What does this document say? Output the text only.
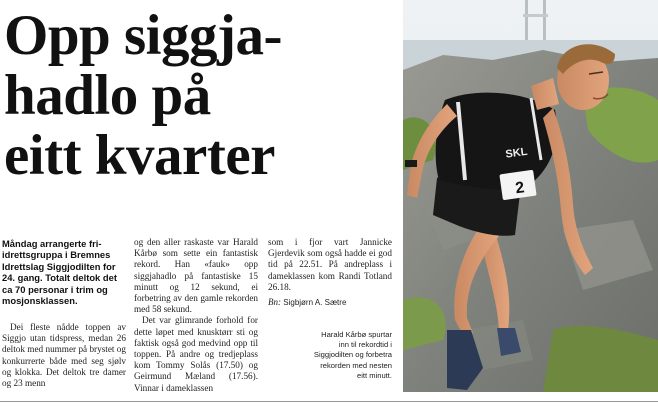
Opp siggja-
hadlo på
eitt kvarter
Måndag arrangerte fri-idrettsgruppa i Bremnes Idrettslag Siggjodilten for 24. gang. Totalt deltok det ca 70 personar i trim og mosjonsklassen.

Dei fleste nådde toppen av Siggjo utan tidspress, medan 26 deltok med nummer på brystet og konkurrerte både med seg sjølv og klokka. Det deltok tre damer og 23 menn

og den aller raskaste var Harald Kårbø som sette ein fantastisk rekord. Han «fauk» opp siggjahadlo på fantastiske 15 minutt og 12 sekund, ei forbetring av den gamle rekorden med 58 sekund.

Det var glimrande forhold for dette løpet med knusktørr sti og faktisk også god medvind opp til toppen. På andre og tredjeplass kom Tommy Solås (17.50) og Geirmund Mæland (17.56). Vinnar i dameklassen

som i fjor vart Jannicke Gjerdevik som også hadde ei god tid på 22.51. På andreplass i dameklassen kom Randi Totland 26.18.

Bn: Sigbjørn A. Sætre
Harald Kårbø spurtar inn til rekordtid i Siggjodilten og forbetra rekorden med nesten eitt minutt.
2
SKL
